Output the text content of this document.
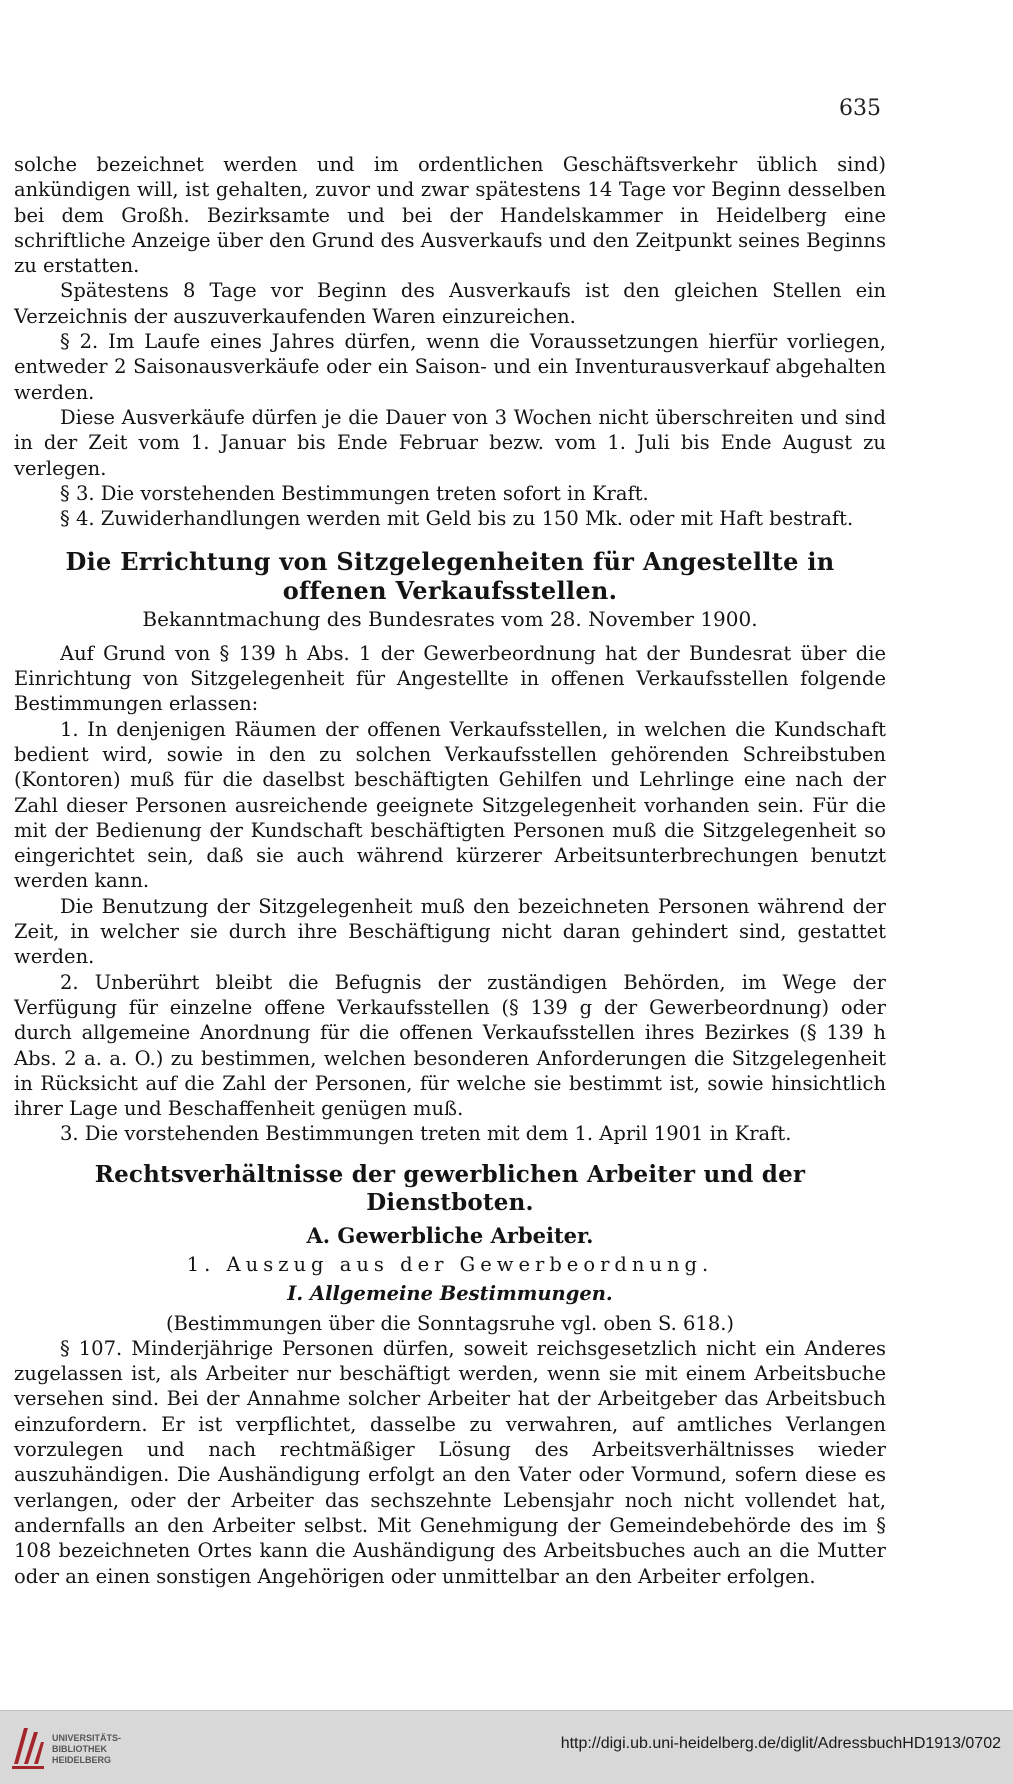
635

solche bezeichnet werden und im ordentlichen Geschäftsverkehr üblich sind) ankündigen will, ist gehalten, zuvor und zwar spätestens 14 Tage vor Beginn desselben bei dem Großh. Bezirksamte und bei der Handelskammer in Heidelberg eine schriftliche Anzeige über den Grund des Ausverkaufs und den Zeitpunkt seines Beginns zu erstatten.

Spätestens 8 Tage vor Beginn des Ausverkaufs ist den gleichen Stellen ein Verzeichnis der auszuverkaufenden Waren einzureichen.

§ 2. Im Laufe eines Jahres dürfen, wenn die Voraussetzungen hierfür vorliegen, entweder 2 Saisonausverkäufe oder ein Saison- und ein Inventurausverkauf abgehalten werden.

Diese Ausverkäufe dürfen je die Dauer von 3 Wochen nicht überschreiten und sind in der Zeit vom 1. Januar bis Ende Februar bezw. vom 1. Juli bis Ende August zu verlegen.

§ 3. Die vorstehenden Bestimmungen treten sofort in Kraft.

§ 4. Zuwiderhandlungen werden mit Geld bis zu 150 Mk. oder mit Haft bestraft.

Die Errichtung von Sitzgelegenheiten für Angestellte in offenen Verkaufsstellen.
Bekanntmachung des Bundesrates vom 28. November 1900.

Auf Grund von § 139 h Abs. 1 der Gewerbeordnung hat der Bundesrat über die Einrichtung von Sitzgelegenheit für Angestellte in offenen Verkaufsstellen folgende Bestimmungen erlassen:

1. In denjenigen Räumen der offenen Verkaufsstellen, in welchen die Kundschaft bedient wird, sowie in den zu solchen Verkaufsstellen gehörenden Schreibstuben (Kontoren) muß für die daselbst beschäftigten Gehilfen und Lehrlinge eine nach der Zahl dieser Personen ausreichende geeignete Sitzgelegenheit vorhanden sein. Für die mit der Bedienung der Kundschaft beschäftigten Personen muß die Sitzgelegenheit so eingerichtet sein, daß sie auch während kürzerer Arbeitsunterbrechungen benutzt werden kann.

Die Benutzung der Sitzgelegenheit muß den bezeichneten Personen während der Zeit, in welcher sie durch ihre Beschäftigung nicht daran gehindert sind, gestattet werden.

2. Unberührt bleibt die Befugnis der zuständigen Behörden, im Wege der Verfügung für einzelne offene Verkaufsstellen (§ 139 g der Gewerbeordnung) oder durch allgemeine Anordnung für die offenen Verkaufsstellen ihres Bezirkes (§ 139 h Abs. 2 a. a. O.) zu bestimmen, welchen besonderen Anforderungen die Sitzgelegenheit in Rücksicht auf die Zahl der Personen, für welche sie bestimmt ist, sowie hinsichtlich ihrer Lage und Beschaffenheit genügen muß.

3. Die vorstehenden Bestimmungen treten mit dem 1. April 1901 in Kraft.

Rechtsverhältnisse der gewerblichen Arbeiter und der Dienstboten.
A. Gewerbliche Arbeiter.
1. Auszug aus der Gewerbeordnung.
I. Allgemeine Bestimmungen.
(Bestimmungen über die Sonntagsruhe vgl. oben S. 618.)

§ 107. Minderjährige Personen dürfen, soweit reichsgesetzlich nicht ein Anderes zugelassen ist, als Arbeiter nur beschäftigt werden, wenn sie mit einem Arbeitsbuche versehen sind. Bei der Annahme solcher Arbeiter hat der Arbeitgeber das Arbeitsbuch einzufordern. Er ist verpflichtet, dasselbe zu verwahren, auf amtliches Verlangen vorzulegen und nach rechtmäßiger Lösung des Arbeitsverhältnisses wieder auszuhändigen. Die Aushändigung erfolgt an den Vater oder Vormund, sofern diese es verlangen, oder der Arbeiter das sechszehnte Lebensjahr noch nicht vollendet hat, andernfalls an den Arbeiter selbst. Mit Genehmigung der Gemeindebehörde des im § 108 bezeichneten Ortes kann die Aushändigung des Arbeitsbuches auch an die Mutter oder an einen sonstigen Angehörigen oder unmittelbar an den Arbeiter erfolgen.

UNIVERSITÄTS-
BIBLIOTHEK
HEIDELBERG
http://digi.ub.uni-heidelberg.de/diglit/AdressbuchHD1913/0702
